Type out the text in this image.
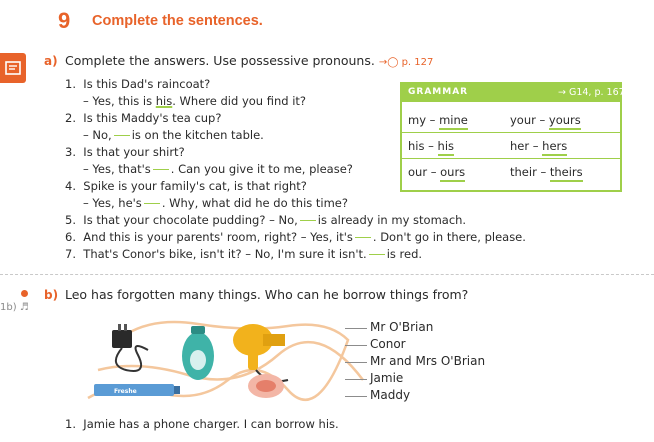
9 Complete the sentences.
a) Complete the answers. Use possessive pronouns. →◯ p. 127
1. Is this Dad's raincoat?
– Yes, this is his. Where did you find it?
2. Is this Maddy's tea cup?
– No, is on the kitchen table.
3. Is that your shirt?
– Yes, that's . Can you give it to me, please?
4. Spike is your family's cat, is that right?
– Yes, he's . Why, what did he do this time?
5. Is that your chocolate pudding? – No, is already in my stomach.
6. And this is your parents' room, right? – Yes, it's . Don't go in there, please.
7. That's Conor's bike, isn't it? – No, I'm sure it isn't. is red.
GRAMMAR	→ G14, p. 167
my – mine	your – yours
his – his	her – hers
our – ours	their – theirs
b) Leo has forgotten many things. Who can he borrow things from?
1b) ♬
Freshe
Mr O'Brian
Conor
Mr and Mrs O'Brian
Jamie
Maddy
1. Jamie has a phone charger. I can borrow his.
